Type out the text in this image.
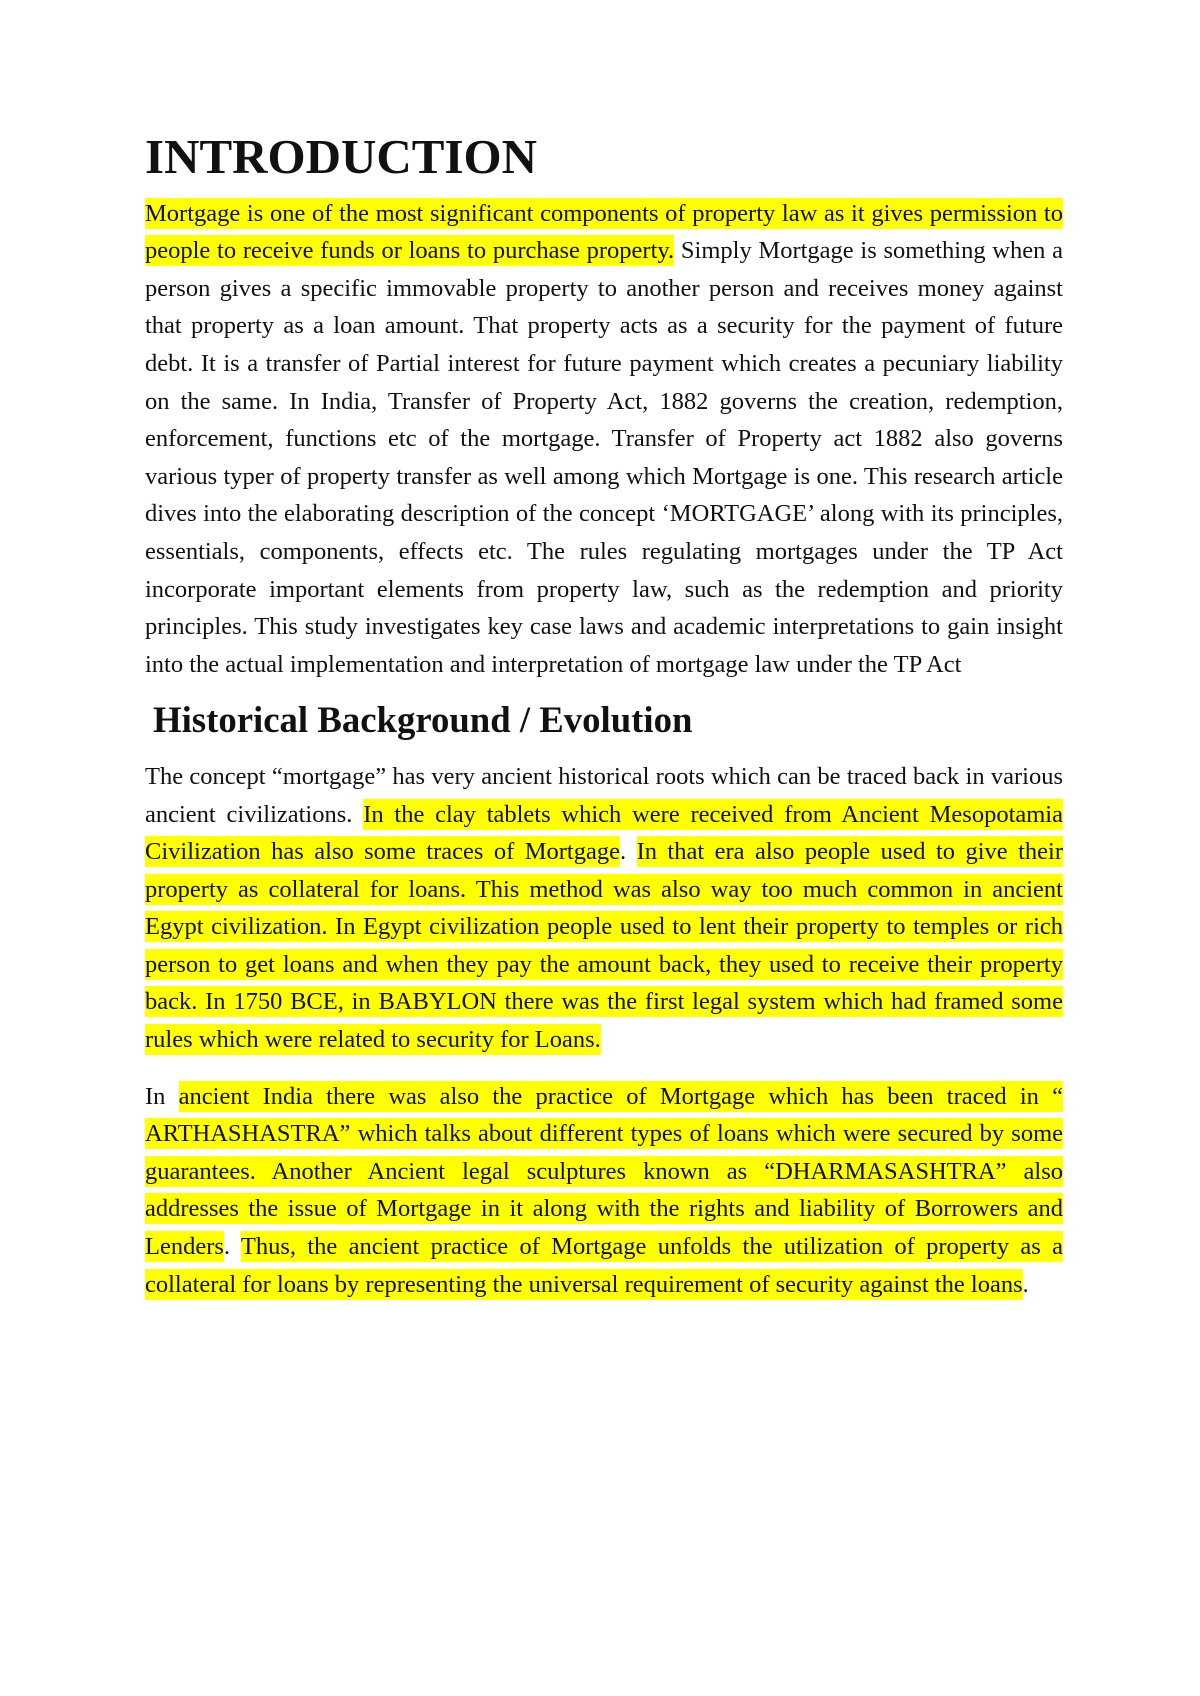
INTRODUCTION

Mortgage is one of the most significant components of property law as it gives permission to people to receive funds or loans to purchase property. Simply Mortgage is something when a person gives a specific immovable property to another person and receives money against that property as a loan amount. That property acts as a security for the payment of future debt. It is a transfer of Partial interest for future payment which creates a pecuniary liability on the same. In India, Transfer of Property Act, 1882 governs the creation, redemption, enforcement, functions etc of the mortgage. Transfer of Property act 1882 also governs various typer of property transfer as well among which Mortgage is one. This research article dives into the elaborating description of the concept ‘MORTGAGE’ along with its principles, essentials, components, effects etc. The rules regulating mortgages under the TP Act incorporate important elements from property law, such as the redemption and priority principles. This study investigates key case laws and academic interpretations to gain insight into the actual implementation and interpretation of mortgage law under the TP Act

Historical Background / Evolution

The concept “mortgage” has very ancient historical roots which can be traced back in various ancient civilizations. In the clay tablets which were received from Ancient Mesopotamia Civilization has also some traces of Mortgage. In that era also people used to give their property as collateral for loans. This method was also way too much common in ancient Egypt civilization. In Egypt civilization people used to lent their property to temples or rich person to get loans and when they pay the amount back, they used to receive their property back. In 1750 BCE, in BABYLON there was the first legal system which had framed some rules which were related to security for Loans.

In ancient India there was also the practice of Mortgage which has been traced in “ ARTHASHASTRA” which talks about different types of loans which were secured by some guarantees. Another Ancient legal sculptures known as “DHARMASASHTRA” also addresses the issue of Mortgage in it along with the rights and liability of Borrowers and Lenders. Thus, the ancient practice of Mortgage unfolds the utilization of property as a collateral for loans by representing the universal requirement of security against the loans.
